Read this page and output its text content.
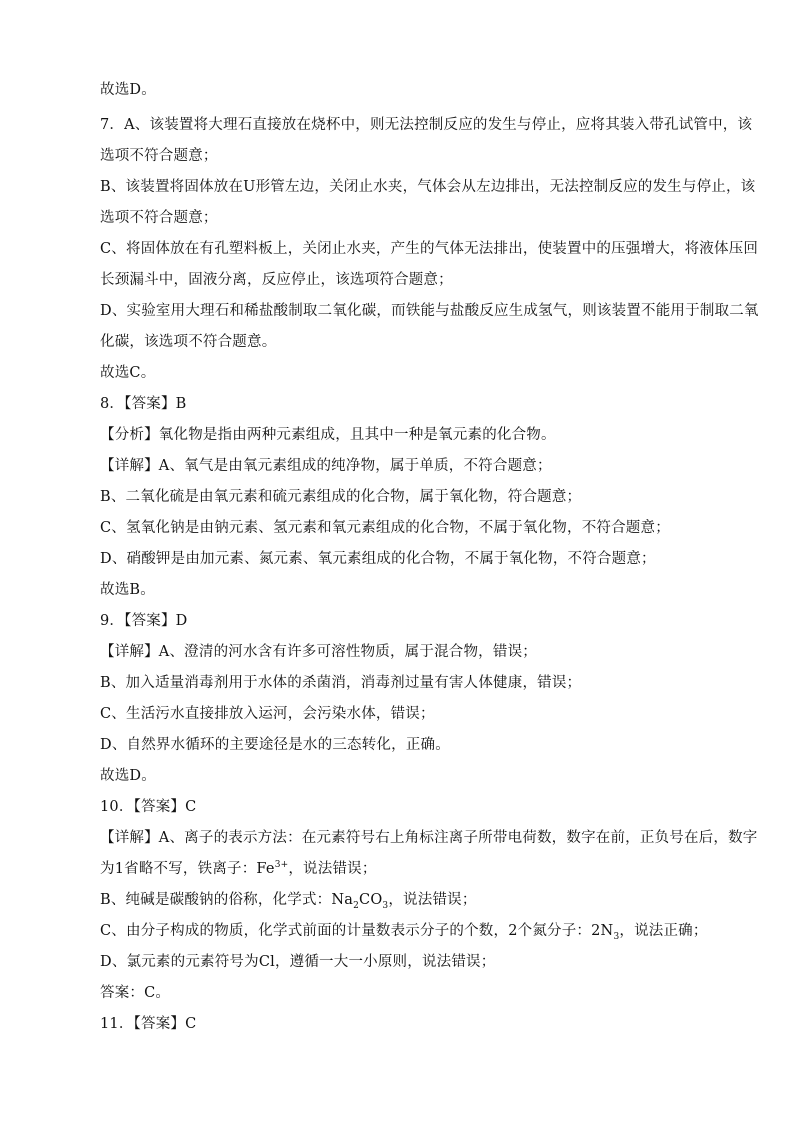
故选D。
7．A、该装置将大理石直接放在烧杯中，则无法控制反应的发生与停止，应将其装入带孔试管中，该
选项不符合题意；
B、该装置将固体放在U形管左边，关闭止水夹，气体会从左边排出，无法控制反应的发生与停止，该
选项不符合题意；
C、将固体放在有孔塑料板上，关闭止水夹，产生的气体无法排出，使装置中的压强增大，将液体压回
长颈漏斗中，固液分离，反应停止，该选项符合题意；
D、实验室用大理石和稀盐酸制取二氧化碳，而铁能与盐酸反应生成氢气，则该装置不能用于制取二氧
化碳，该选项不符合题意。
故选C。
8．【答案】B
【分析】氧化物是指由两种元素组成，且其中一种是氧元素的化合物。
【详解】A、氧气是由氧元素组成的纯净物，属于单质，不符合题意；
B、二氧化硫是由氧元素和硫元素组成的化合物，属于氧化物，符合题意；
C、氢氧化钠是由钠元素、氢元素和氧元素组成的化合物，不属于氧化物，不符合题意；
D、硝酸钾是由加元素、氮元素、氧元素组成的化合物，不属于氧化物，不符合题意；
故选B。
9．【答案】D
【详解】A、澄清的河水含有许多可溶性物质，属于混合物，错误；
B、加入适量消毒剂用于水体的杀菌消，消毒剂过量有害人体健康，错误；
C、生活污水直接排放入运河，会污染水体，错误；
D、自然界水循环的主要途径是水的三态转化，正确。
故选D。
10．【答案】C
【详解】A、离子的表示方法：在元素符号右上角标注离子所带电荷数，数字在前，正负号在后，数字
为1省略不写，铁离子：$Fe^{3+}$，说法错误；
B、纯碱是碳酸钠的俗称，化学式：$Na_2CO_3$，说法错误；
C、由分子构成的物质，化学式前面的计量数表示分子的个数，2个氮分子：$2N_3$，说法正确；
D、氯元素的元素符号为Cl，遵循一大一小原则，说法错误；
答案：C。
11．【答案】C
